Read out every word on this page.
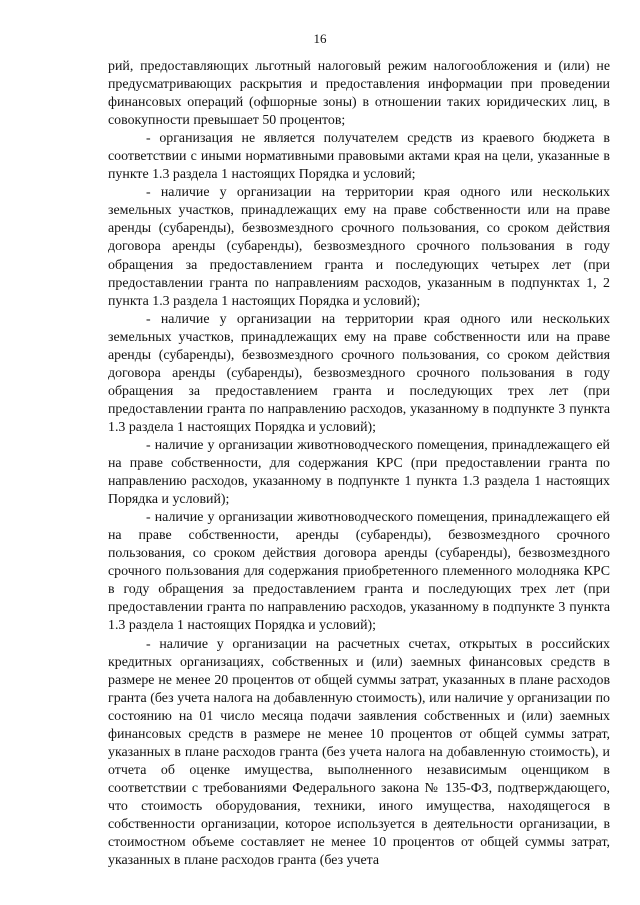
16

рий, предоставляющих льготный налоговый режим налогообложения и (или) не предусматривающих раскрытия и предоставления информации при проведении финансовых операций (офшорные зоны) в отношении таких юридических лиц, в совокупности превышает 50 процентов;

- организация не является получателем средств из краевого бюджета в соответствии с иными нормативными правовыми актами края на цели, указанные в пункте 1.3 раздела 1 настоящих Порядка и условий;

- наличие у организации на территории края одного или нескольких земельных участков, принадлежащих ему на праве собственности или на праве аренды (субаренды), безвозмездного срочного пользования, со сроком действия договора аренды (субаренды), безвозмездного срочного пользования в году обращения за предоставлением гранта и последующих четырех лет (при предоставлении гранта по направлениям расходов, указанным в подпунктах 1, 2 пункта 1.3 раздела 1 настоящих Порядка и условий);

- наличие у организации на территории края одного или нескольких земельных участков, принадлежащих ему на праве собственности или на праве аренды (субаренды), безвозмездного срочного пользования, со сроком действия договора аренды (субаренды), безвозмездного срочного пользования в году обращения за предоставлением гранта и последующих трех лет (при предоставлении гранта по направлению расходов, указанному в подпункте 3 пункта 1.3 раздела 1 настоящих Порядка и условий);

- наличие у организации животноводческого помещения, принадлежащего ей на праве собственности, для содержания КРС (при предоставлении гранта по направлению расходов, указанному в подпункте 1 пункта 1.3 раздела 1 настоящих Порядка и условий);

- наличие у организации животноводческого помещения, принадлежащего ей на праве собственности, аренды (субаренды), безвозмездного срочного пользования, со сроком действия договора аренды (субаренды), безвозмездного срочного пользования для содержания приобретенного племенного молодняка КРС в году обращения за предоставлением гранта и последующих трех лет (при предоставлении гранта по направлению расходов, указанному в подпункте 3 пункта 1.3 раздела 1 настоящих Порядка и условий);

- наличие у организации на расчетных счетах, открытых в российских кредитных организациях, собственных и (или) заемных финансовых средств в размере не менее 20 процентов от общей суммы затрат, указанных в плане расходов гранта (без учета налога на добавленную стоимость), или наличие у организации по состоянию на 01 число месяца подачи заявления собственных и (или) заемных финансовых средств в размере не менее 10 процентов от общей суммы затрат, указанных в плане расходов гранта (без учета налога на добавленную стоимость), и отчета об оценке имущества, выполненного независимым оценщиком в соответствии с требованиями Федерального закона № 135-ФЗ, подтверждающего, что стоимость оборудования, техники, иного имущества, находящегося в собственности организации, которое используется в деятельности организации, в стоимостном объеме составляет не менее 10 процентов от общей суммы затрат, указанных в плане расходов гранта (без учета
